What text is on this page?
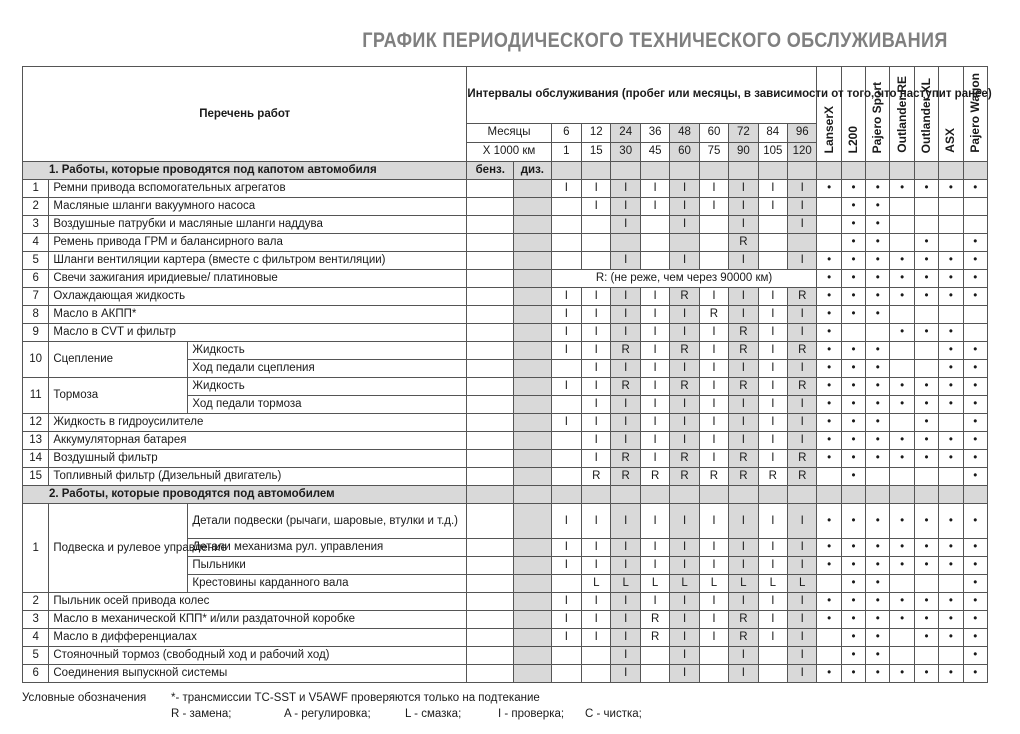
ГРАФИК ПЕРИОДИЧЕСКОГО ТЕХНИЧЕСКОГО ОБСЛУЖИВАНИЯ
Перечень работ			Интервалы обслуживания (пробег или месяцы, в зависимости от того, что наступит ранее)											LanserX	L200	Pajero Sport	Outlander RE	Outlander XL	ASX	Pajero Wagon
			Месяцы		6	12	24	36	48	60	72	84	96							
			X 1000 км		1	15	30	45	60	75	90	105	120							
1. Работы, которые проводятся под капотом автомобиля			бенз.	диз.																
1	Ремни привода вспомогательных агрегатов				I	I	I	I	I	I	I	I	I	•	•	•	•	•	•	•
2	Масляные шланги вакуумного насоса					I	I	I	I	I	I	I	I		•	•				
3	Воздушные патрубки и масляные шланги наддува						I		I		I		I		•	•				
4	Ремень привода ГРМ и балансирного вала										R				•	•		•		•
5	Шланги вентиляции картера (вместе с фильтром вентиляции)						I		I		I		I	•	•	•	•	•	•	•
6	Свечи зажигания иридиевые/ платиновые				R: (не реже, чем через 90000 км)									•	•	•	•	•	•	•
7	Охлаждающая жидкость				I	I	I	I	R	I	I	I	R	•	•	•	•	•	•	•
8	Масло в АКПП*				I	I	I	I	I	R	I	I	I	•	•	•				
9	Масло в CVT и фильтр				I	I	I	I	I	I	R	I	I	•			•	•	•	
10	Сцепление	Жидкость			I	I	R	I	R	I	R	I	R	•	•	•			•	•
		Ход педали сцепления				I	I	I	I	I	I	I	I	•	•	•			•	•
11	Тормоза	Жидкость			I	I	R	I	R	I	R	I	R	•	•	•	•	•	•	•
		Ход педали тормоза				I	I	I	I	I	I	I	I	•	•	•	•	•	•	•
12	Жидкость в гидроусилителе				I	I	I	I	I	I	I	I	I	•	•	•		•		•
13	Аккумуляторная батарея					I	I	I	I	I	I	I	I	•	•	•	•	•	•	•
14	Воздушный фильтр					I	R	I	R	I	R	I	R	•	•	•	•	•	•	•
15	Топливный фильтр (Дизельный двигатель)					R	R	R	R	R	R	R	R		•					•
2. Работы, которые проводятся под автомобилем																				
1	Подвеска и рулевое управление	Детали подвески (рычаги, шаровые, втулки и т.д.)			I	I	I	I	I	I	I	I	I	•	•	•	•	•	•	•
		Детали механизма рул. управления			I	I	I	I	I	I	I	I	I	•	•	•	•	•	•	•
		Пыльники			I	I	I	I	I	I	I	I	I	•	•	•	•	•	•	•
		Крестовины карданного вала				L	L	L	L	L	L	L	L		•	•				•
2	Пыльник осей привода колес				I	I	I	I	I	I	I	I	I	•	•	•	•	•	•	•
3	Масло в механической КПП* и/или раздаточной коробке				I	I	I	R	I	I	R	I	I	•	•	•	•	•	•	•
4	Масло в дифференциалах				I	I	I	R	I	I	R	I	I		•	•		•	•	•
5	Стояночный тормоз (свободный ход и рабочий ход)						I		I		I		I		•	•				•
6	Соединения выпускной системы						I		I		I		I	•	•	•	•	•	•	•
Условные обозначения *- трансмиссии TC-SST и V5AWF проверяются только на подтекание
R - замена;	A - регулировка;	L - смазка;	I - проверка; C - чистка;
